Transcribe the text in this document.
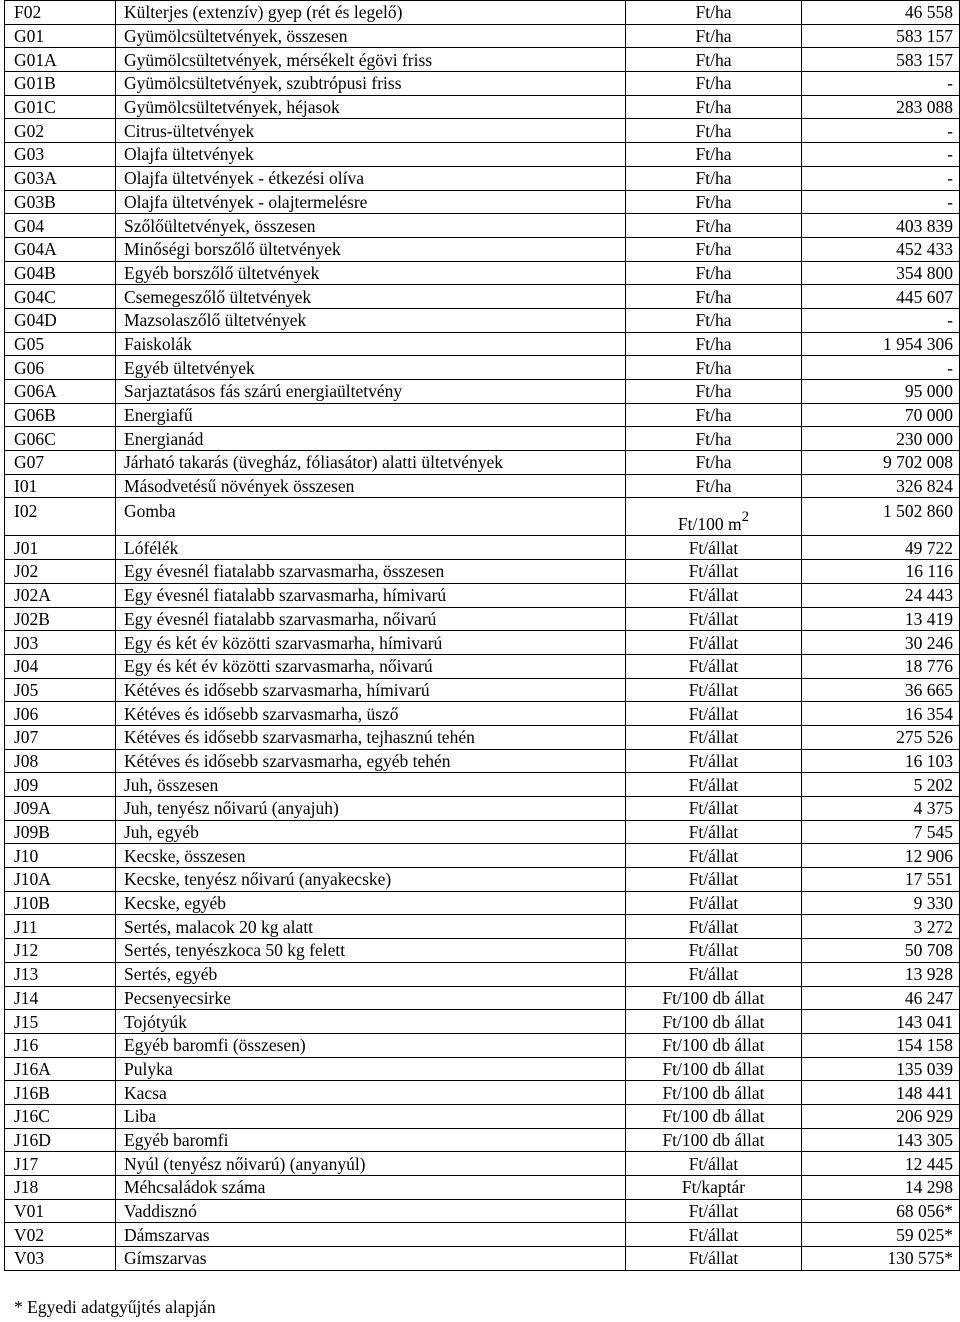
F02	Külterjes (extenzív) gyep (rét és legelő)	Ft/ha	46 558
G01	Gyümölcsültetvények, összesen	Ft/ha	583 157
G01A	Gyümölcsültetvények, mérsékelt égövi friss	Ft/ha	583 157
G01B	Gyümölcsültetvények, szubtrópusi friss	Ft/ha	-
G01C	Gyümölcsültetvények, héjasok	Ft/ha	283 088
G02	Citrus-ültetvények	Ft/ha	-
G03	Olajfa ültetvények	Ft/ha	-
G03A	Olajfa ültetvények - étkezési olíva	Ft/ha	-
G03B	Olajfa ültetvények - olajtermelésre	Ft/ha	-
G04	Szőlőültetvények, összesen	Ft/ha	403 839
G04A	Minőségi borszőlő ültetvények	Ft/ha	452 433
G04B	Egyéb borszőlő ültetvények	Ft/ha	354 800
G04C	Csemegeszőlő ültetvények	Ft/ha	445 607
G04D	Mazsolaszőlő ültetvények	Ft/ha	-
G05	Faiskolák	Ft/ha	1 954 306
G06	Egyéb ültetvények	Ft/ha	-
G06A	Sarjaztatásos fás szárú energiaültetvény	Ft/ha	95 000
G06B	Energiafű	Ft/ha	70 000
G06C	Energianád	Ft/ha	230 000
G07	Járható takarás (üvegház, fóliasátor) alatti ültetvények	Ft/ha	9 702 008
I01	Másodvetésű növények összesen	Ft/ha	326 824
I02	Gomba	Ft/100 $m^2$	1 502 860
J01	Lófélék	Ft/állat	49 722
J02	Egy évesnél fiatalabb szarvasmarha, összesen	Ft/állat	16 116
J02A	Egy évesnél fiatalabb szarvasmarha, hímivarú	Ft/állat	24 443
J02B	Egy évesnél fiatalabb szarvasmarha, nőivarú	Ft/állat	13 419
J03	Egy és két év közötti szarvasmarha, hímivarú	Ft/állat	30 246
J04	Egy és két év közötti szarvasmarha, nőivarú	Ft/állat	18 776
J05	Kétéves és idősebb szarvasmarha, hímivarú	Ft/állat	36 665
J06	Kétéves és idősebb szarvasmarha, üsző	Ft/állat	16 354
J07	Kétéves és idősebb szarvasmarha, tejhasznú tehén	Ft/állat	275 526
J08	Kétéves és idősebb szarvasmarha, egyéb tehén	Ft/állat	16 103
J09	Juh, összesen	Ft/állat	5 202
J09A	Juh, tenyész nőivarú (anyajuh)	Ft/állat	4 375
J09B	Juh, egyéb	Ft/állat	7 545
J10	Kecske, összesen	Ft/állat	12 906
J10A	Kecske, tenyész nőivarú (anyakecske)	Ft/állat	17 551
J10B	Kecske, egyéb	Ft/állat	9 330
J11	Sertés, malacok 20 kg alatt	Ft/állat	3 272
J12	Sertés, tenyészkoca 50 kg felett	Ft/állat	50 708
J13	Sertés, egyéb	Ft/állat	13 928
J14	Pecsenyecsirke	Ft/100 db állat	46 247
J15	Tojótyúk	Ft/100 db állat	143 041
J16	Egyéb baromfi (összesen)	Ft/100 db állat	154 158
J16A	Pulyka	Ft/100 db állat	135 039
J16B	Kacsa	Ft/100 db állat	148 441
J16C	Liba	Ft/100 db állat	206 929
J16D	Egyéb baromfi	Ft/100 db állat	143 305
J17	Nyúl (tenyész nőivarú) (anyanyúl)	Ft/állat	12 445
J18	Méhcsaládok száma	Ft/kaptár	14 298
V01	Vaddisznó	Ft/állat	68 056*
V02	Dámszarvas	Ft/állat	59 025*
V03	Gímszarvas	Ft/állat	130 575*
* Egyedi adatgyűjtés alapján
